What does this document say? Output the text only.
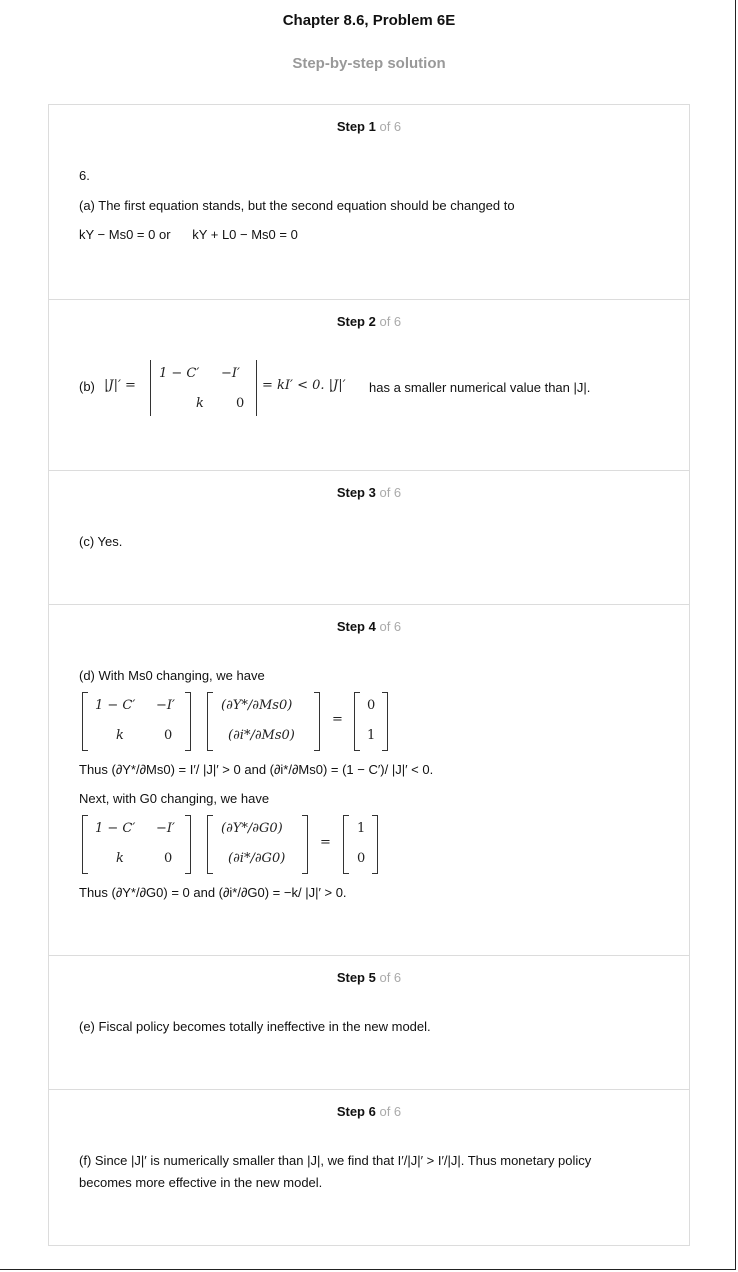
Chapter 8.6, Problem 6E
Step-by-step solution
Step 1 of 6
6.
(a) The first equation stands, but the second equation should be changed to
kY − Ms0 = 0 or      kY + L0 − Ms0 = 0
Step 2 of 6
(b) |J|′ =
1 − C′ −I′
k 0
= kI′ < 0. |J|′ has a smaller numerical value than |J|.
Step 3 of 6
(c) Yes.
Step 4 of 6
(d) With Ms0 changing, we have
1 − C′ −I′
k	0
(∂Y*/∂Ms0)
(∂i*/∂Ms0)
=
0
1
Thus (∂Y*/∂Ms0) = I′/ |J|′ > 0 and (∂i*/∂Ms0) = (1 − C′)/ |J|′ < 0.
Next, with G0 changing, we have
1 − C′ −I′
k	0
(∂Y*/∂G0)
(∂i*/∂G0)
=
1
0
Thus (∂Y*/∂G0) = 0 and (∂i*/∂G0) = −k/ |J|′ > 0.
Step 5 of 6
(e) Fiscal policy becomes totally ineffective in the new model.
Step 6 of 6
(f) Since |J|′ is numerically smaller than |J|, we find that I′/|J|′ > I′/|J|. Thus monetary policy
becomes more effective in the new model.
